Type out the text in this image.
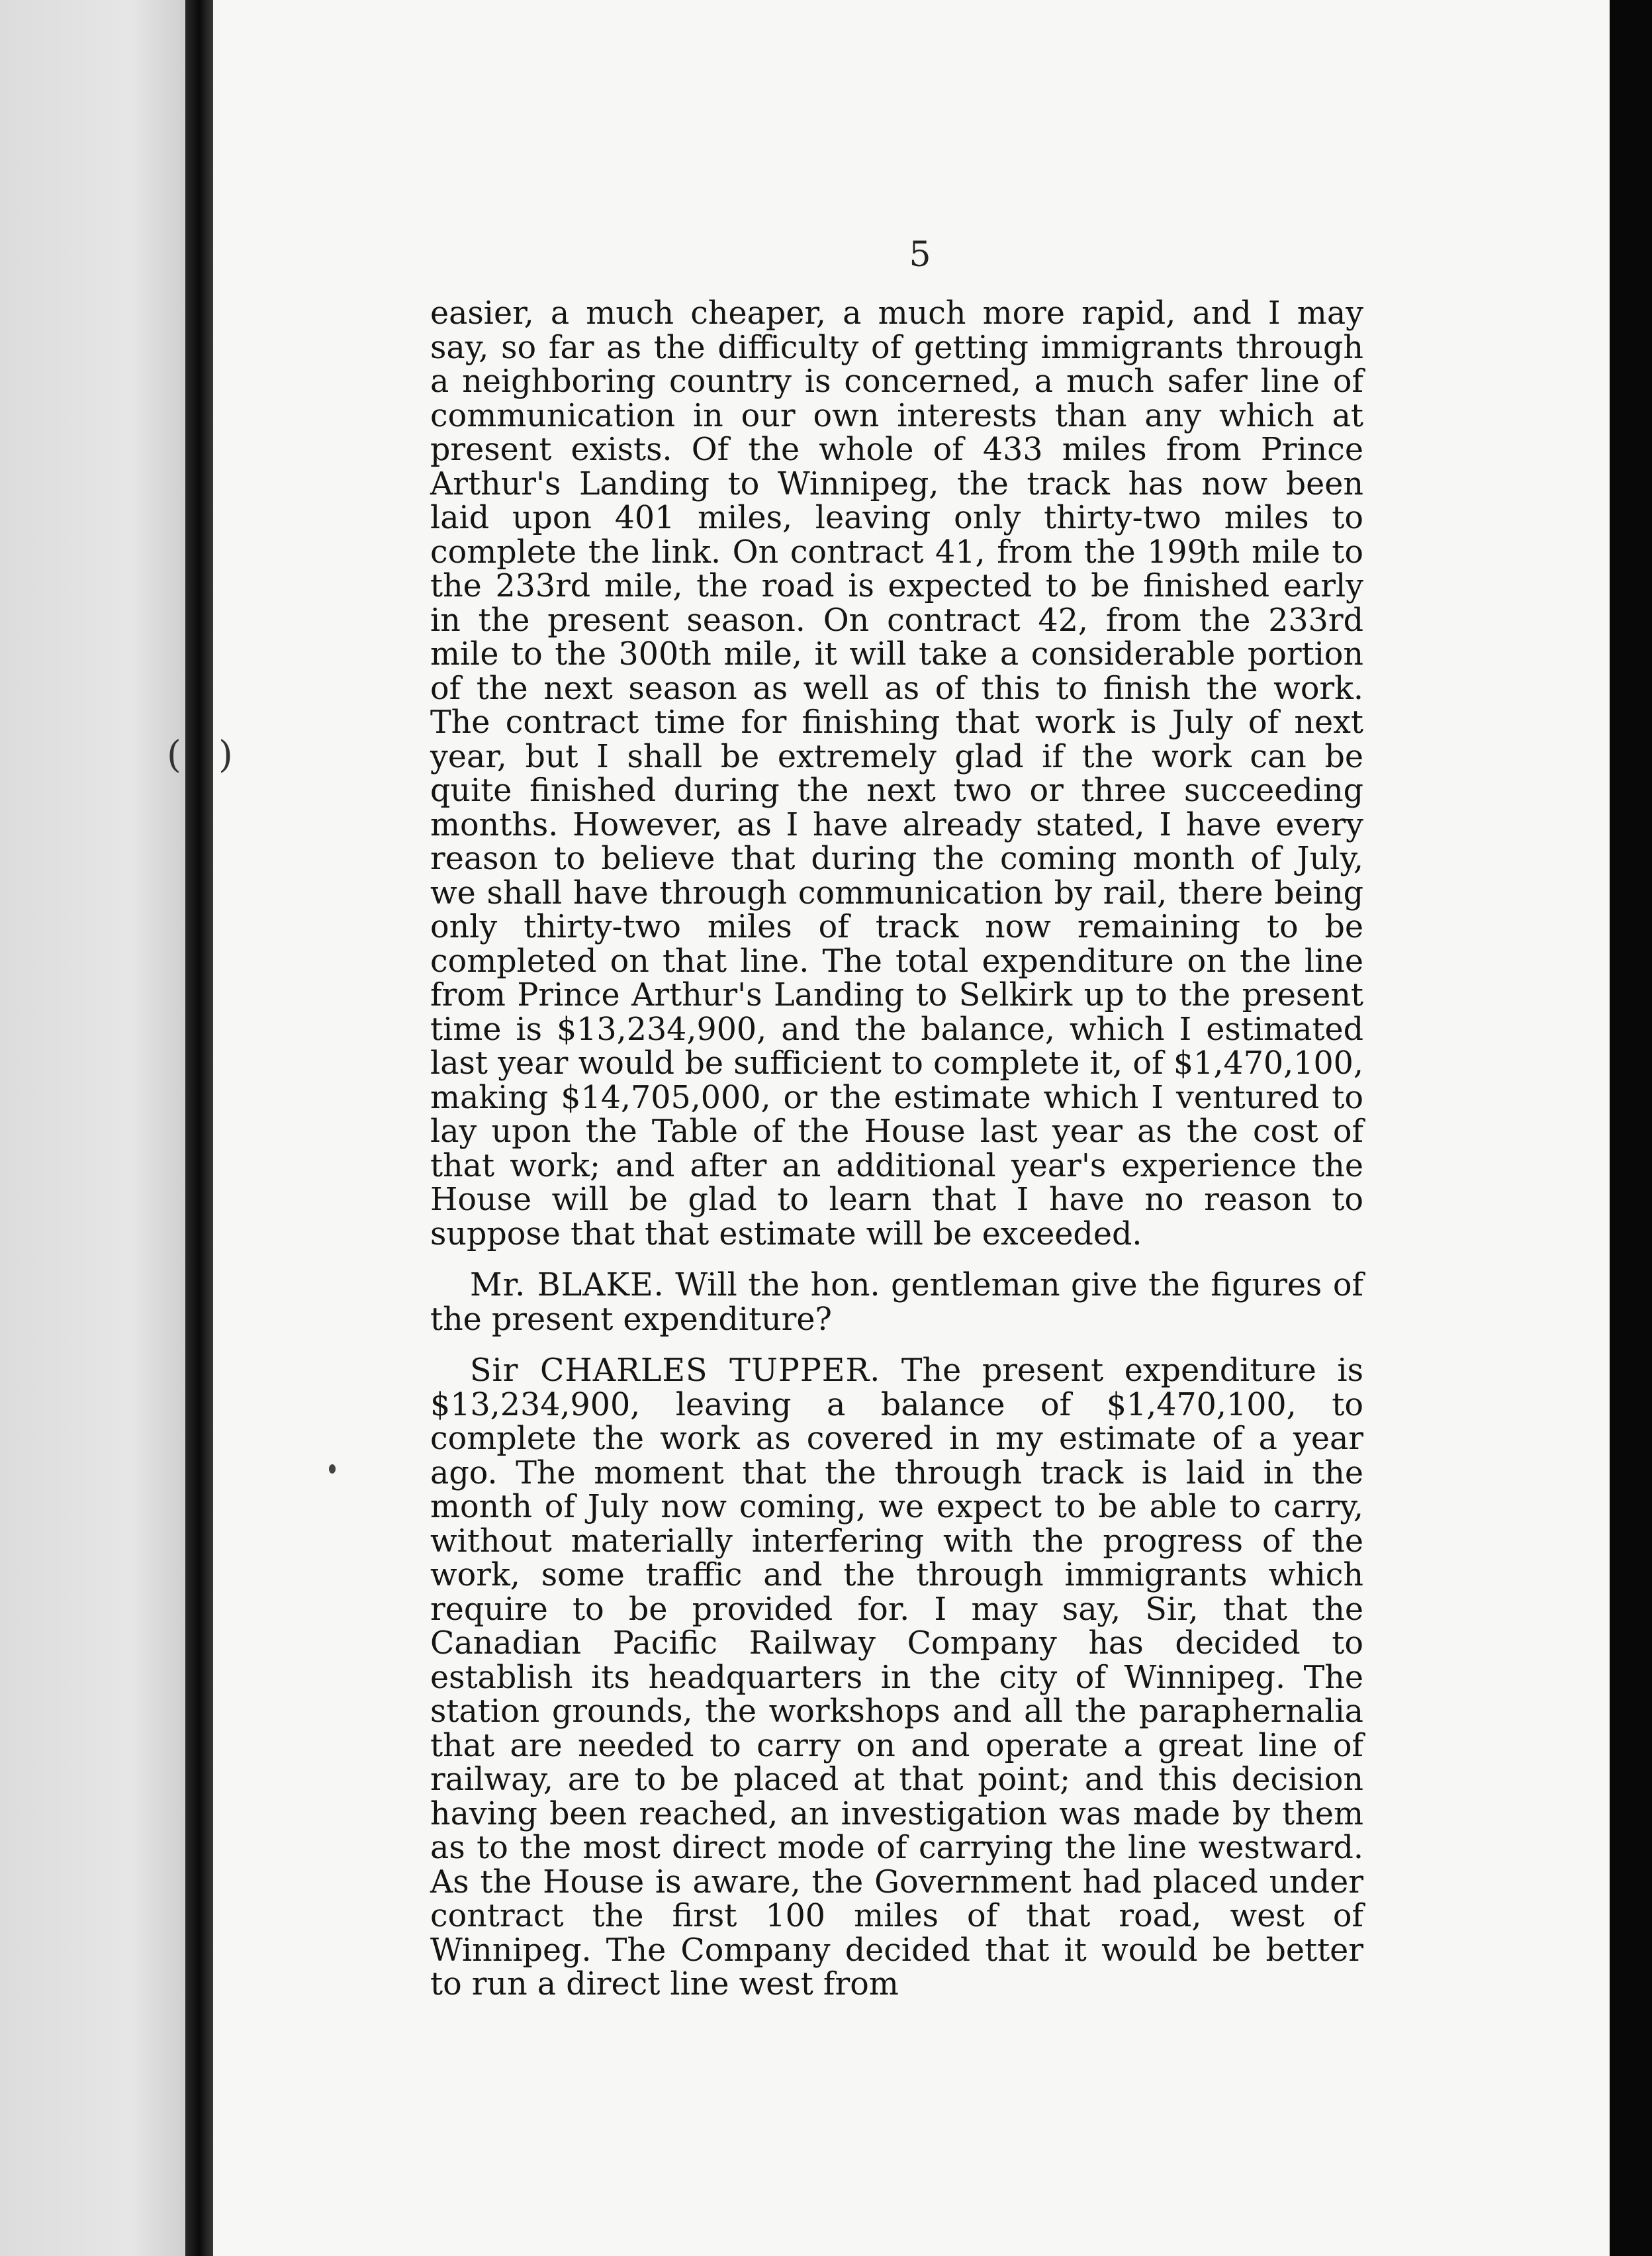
5
( )

easier, a much cheaper, a much more rapid, and I may say, so far as the difficulty of getting immigrants through a neighboring country is concerned, a much safer line of communication in our own interests than any which at present exists. Of the whole of 433 miles from Prince Arthur's Landing to Winnipeg, the track has now been laid upon 401 miles, leaving only thirty-two miles to complete the link. On contract 41, from the 199th mile to the 233rd mile, the road is expected to be finished early in the present season. On contract 42, from the 233rd mile to the 300th mile, it will take a considerable portion of the next season as well as of this to finish the work. The contract time for finishing that work is July of next year, but I shall be extremely glad if the work can be quite finished during the next two or three succeeding months. However, as I have already stated, I have every reason to believe that during the coming month of July, we shall have through communication by rail, there being only thirty-two miles of track now remaining to be completed on that line. The total expenditure on the line from Prince Arthur's Landing to Selkirk up to the present time is $13,234,900, and the balance, which I estimated last year would be sufficient to complete it, of $1,470,100, making $14,705,000, or the estimate which I ventured to lay upon the Table of the House last year as the cost of that work; and after an additional year's experience the House will be glad to learn that I have no reason to suppose that that estimate will be exceeded.

Mr. BLAKE. Will the hon. gentleman give the figures of the present expenditure?

Sir CHARLES TUPPER. The present expenditure is $13,234,900, leaving a balance of $1,470,100, to complete the work as covered in my estimate of a year ago. The moment that the through track is laid in the month of July now coming, we expect to be able to carry, without materially interfering with the progress of the work, some traffic and the through immigrants which require to be provided for. I may say, Sir, that the Canadian Pacific Railway Company has decided to establish its headquarters in the city of Winnipeg. The station grounds, the workshops and all the paraphernalia that are needed to carry on and operate a great line of railway, are to be placed at that point; and this decision having been reached, an investigation was made by them as to the most direct mode of carrying the line westward. As the House is aware, the Government had placed under contract the first 100 miles of that road, west of Winnipeg. The Company decided that it would be better to run a direct line west from
